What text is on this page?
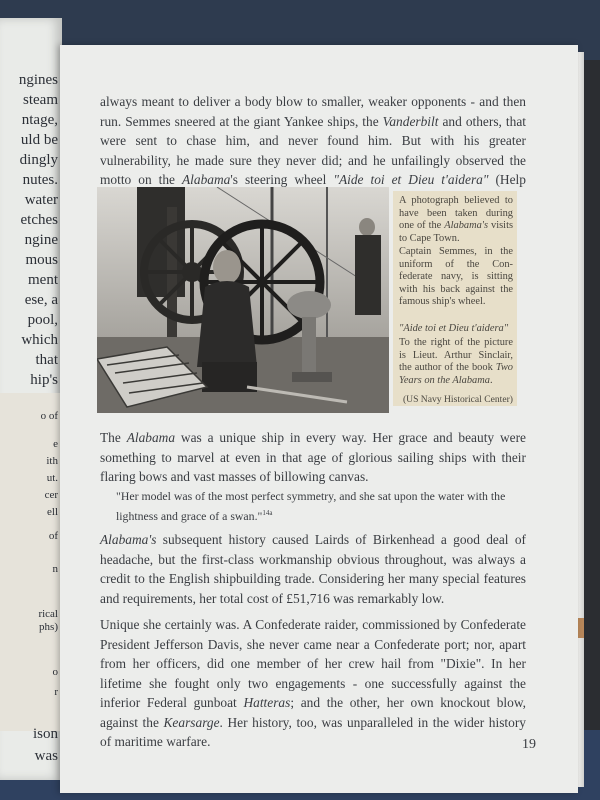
ngines

steam

ntage,

uld be

dingly

nutes.

water

etches

ngine

mous

ment

ese, a

pool,

which

that

hip's

o of

e

ith

ut.

cer

ell

of

n

rical

phs)

o

r

ison

was

always meant to deliver a body blow to smaller, weaker opponents - and then run. Semmes sneered at the giant Yankee ships, the Vanderbilt and others, that were sent to chase him, and never found him. But with his greater vulnerability, he made sure they never did; and he unfailingly observed the motto on the Alabama's steering wheel "Aide toi et Dieu t'aidera" (Help

A photograph believed to have been taken during one of the Alabama's visits to Cape Town.

Captain Semmes, in the uniform of the Con-federate navy, is sitting with his back against the famous ship's wheel.

"Aide toi et Dieu t'aidera"

To the right of the picture is Lieut. Arthur Sinclair, the author of the book Two Years on the Alabama.

(US Navy Historical Center)

The Alabama was a unique ship in every way. Her grace and beauty were something to marvel at even in that age of glorious sailing ships with their flaring bows and vast masses of billowing canvas.

"Her model was of the most perfect symmetry, and she sat upon the water with the lightness and grace of a swan."$^{14a}$

Alabama's subsequent history caused Lairds of Birkenhead a good deal of headache, but the first-class workmanship obvious throughout, was always a credit to the English shipbuilding trade. Considering her many special features and requirements, her total cost of £51,716 was remarkably low.

Unique she certainly was. A Confederate raider, commissioned by Confederate President Jefferson Davis, she never came near a Confederate port; nor, apart from her officers, did one member of her crew hail from "Dixie". In her lifetime she fought only two engagements - one successfully against the inferior Federal gunboat Hatteras; and the other, her own knockout blow, against the Kearsarge. Her history, too, was unparalleled in the wider history of maritime warfare.	19
